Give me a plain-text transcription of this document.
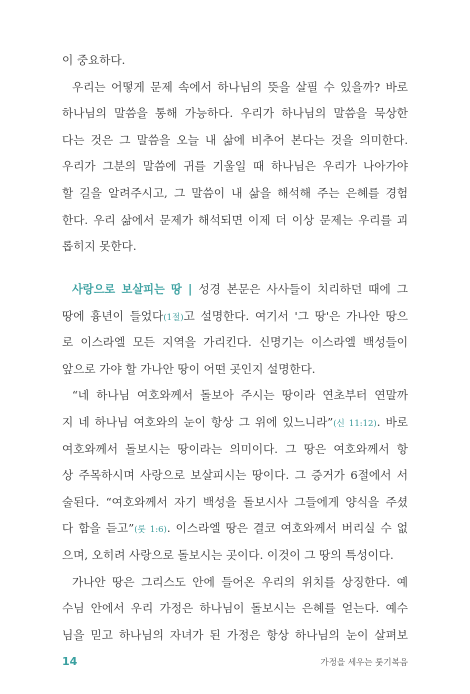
이 중요하다.
우리는 어떻게 문제 속에서 하나님의 뜻을 살필 수 있을까? 바로
하나님의 말씀을 통해 가능하다. 우리가 하나님의 말씀을 묵상한
다는 것은 그 말씀을 오늘 내 삶에 비추어 본다는 것을 의미한다.
우리가 그분의 말씀에 귀를 기울일 때 하나님은 우리가 나아가야
할 길을 알려주시고, 그 말씀이 내 삶을 해석해 주는 은혜를 경험
한다. 우리 삶에서 문제가 해석되면 이제 더 이상 문제는 우리를 괴
롭히지 못한다.
사랑으로 보살피는 땅 | 성경 본문은 사사들이 치리하던 때에 그
땅에 흉년이 들었다(1절)고 설명한다. 여기서 '그 땅'은 가나안 땅으
로 이스라엘 모든 지역을 가리킨다. 신명기는 이스라엘 백성들이
앞으로 가야 할 가나안 땅이 어떤 곳인지 설명한다.
“네 하나님 여호와께서 돌보아 주시는 땅이라 연초부터 연말까
지 네 하나님 여호와의 눈이 항상 그 위에 있느니라”(신 11:12). 바로
여호와께서 돌보시는 땅이라는 의미이다. 그 땅은 여호와께서 항
상 주목하시며 사랑으로 보살피시는 땅이다. 그 증거가 6절에서 서
술된다. “여호와께서 자기 백성을 돌보시사 그들에게 양식을 주셨
다 함을 듣고”(룻 1:6). 이스라엘 땅은 결코 여호와께서 버리실 수 없
으며, 오히려 사랑으로 돌보시는 곳이다. 이것이 그 땅의 특성이다.
가나안 땅은 그리스도 안에 들어온 우리의 위치를 상징한다. 예
수님 안에서 우리 가정은 하나님이 돌보시는 은혜를 얻는다. 예수
님을 믿고 하나님의 자녀가 된 가정은 항상 하나님의 눈이 살펴보
14	가정을 세우는 룻기복음
